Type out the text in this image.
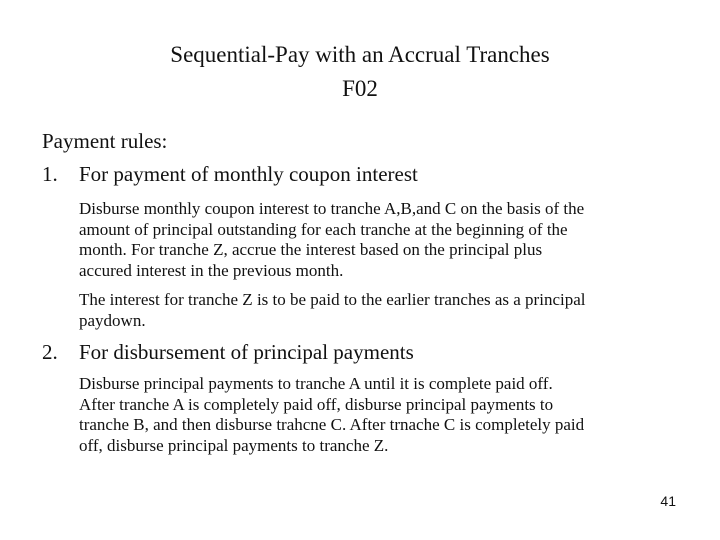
Sequential-Pay with an Accrual Tranches
F02
Payment rules:
1. For payment of monthly coupon interest
Disburse monthly coupon interest to tranche A,B,and C on the basis of the
amount of principal outstanding for each tranche at the beginning of the
month. For tranche Z, accrue the interest based on the principal plus
accured interest in the previous month.
The interest for tranche Z is to be paid to the earlier tranches as a principal
paydown.
2. For disbursement of principal payments
Disburse principal payments to tranche A until it is complete paid off.
After tranche A is completely paid off, disburse principal payments to
tranche B, and then disburse trahcne C. After trnache C is completely paid
off, disburse principal payments to tranche Z.
41
